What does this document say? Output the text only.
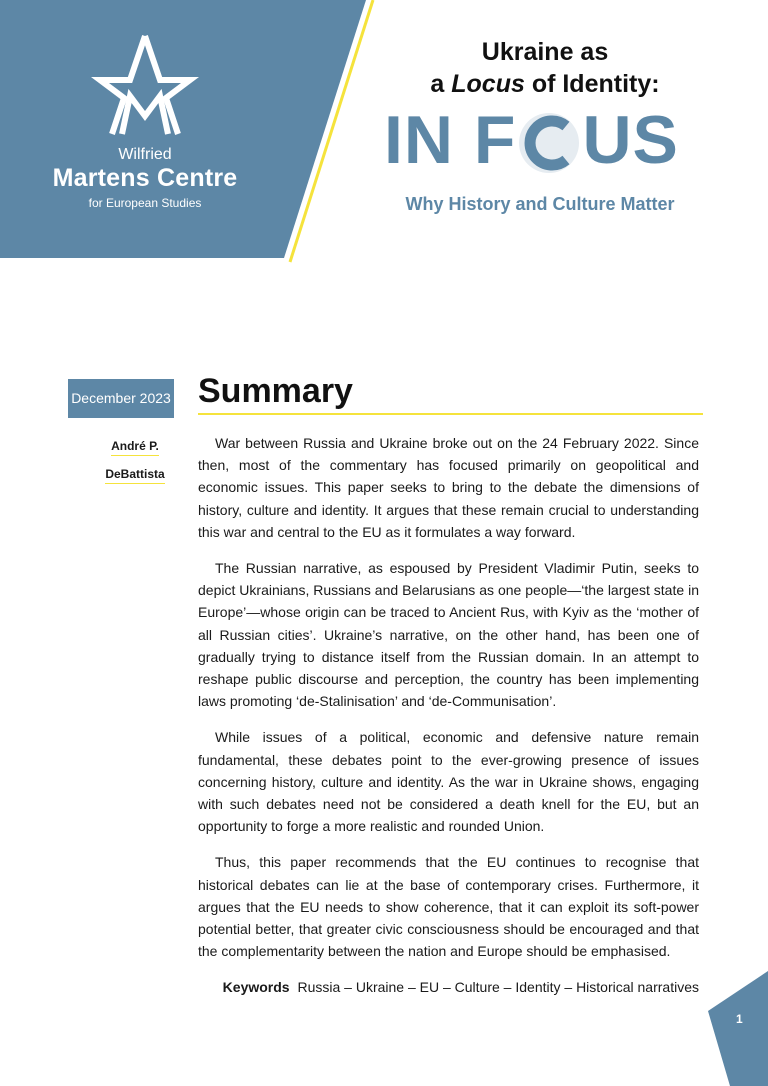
Wilfried
Martens Centre
for European Studies
Ukraine as
a Locus of Identity:
IN F US
Why History and Culture Matter
December 2023
André P.
DeBattista
Summary

War between Russia and Ukraine broke out on the 24 February 2022. Since then, most of the commentary has focused primarily on geopolitical and economic issues. This paper seeks to bring to the debate the dimensions of history, culture and identity. It argues that these remain crucial to understanding this war and central to the EU as it formulates a way forward.

The Russian narrative, as espoused by President Vladimir Putin, seeks to depict Ukrainians, Russians and Belarusians as one people—‘the largest state in Europe’—whose origin can be traced to Ancient Rus, with Kyiv as the ‘mother of all Russian cities’. Ukraine’s narrative, on the other hand, has been one of gradually trying to distance itself from the Russian domain. In an attempt to reshape public discourse and perception, the country has been implementing laws promoting ‘de-Stalinisation’ and ‘de-Communisation’.

While issues of a political, economic and defensive nature remain fundamental, these debates point to the ever-growing presence of issues concerning history, culture and identity. As the war in Ukraine shows, engaging with such debates need not be considered a death knell for the EU, but an opportunity to forge a more realistic and rounded Union.

Thus, this paper recommends that the EU continues to recognise that historical debates can lie at the base of contemporary crises. Furthermore, it argues that the EU needs to show coherence, that it can exploit its soft-power potential better, that greater civic consciousness should be encouraged and that the complementarity between the nation and Europe should be emphasised.

Keywords Russia – Ukraine – EU – Culture – Identity – Historical narratives
1
